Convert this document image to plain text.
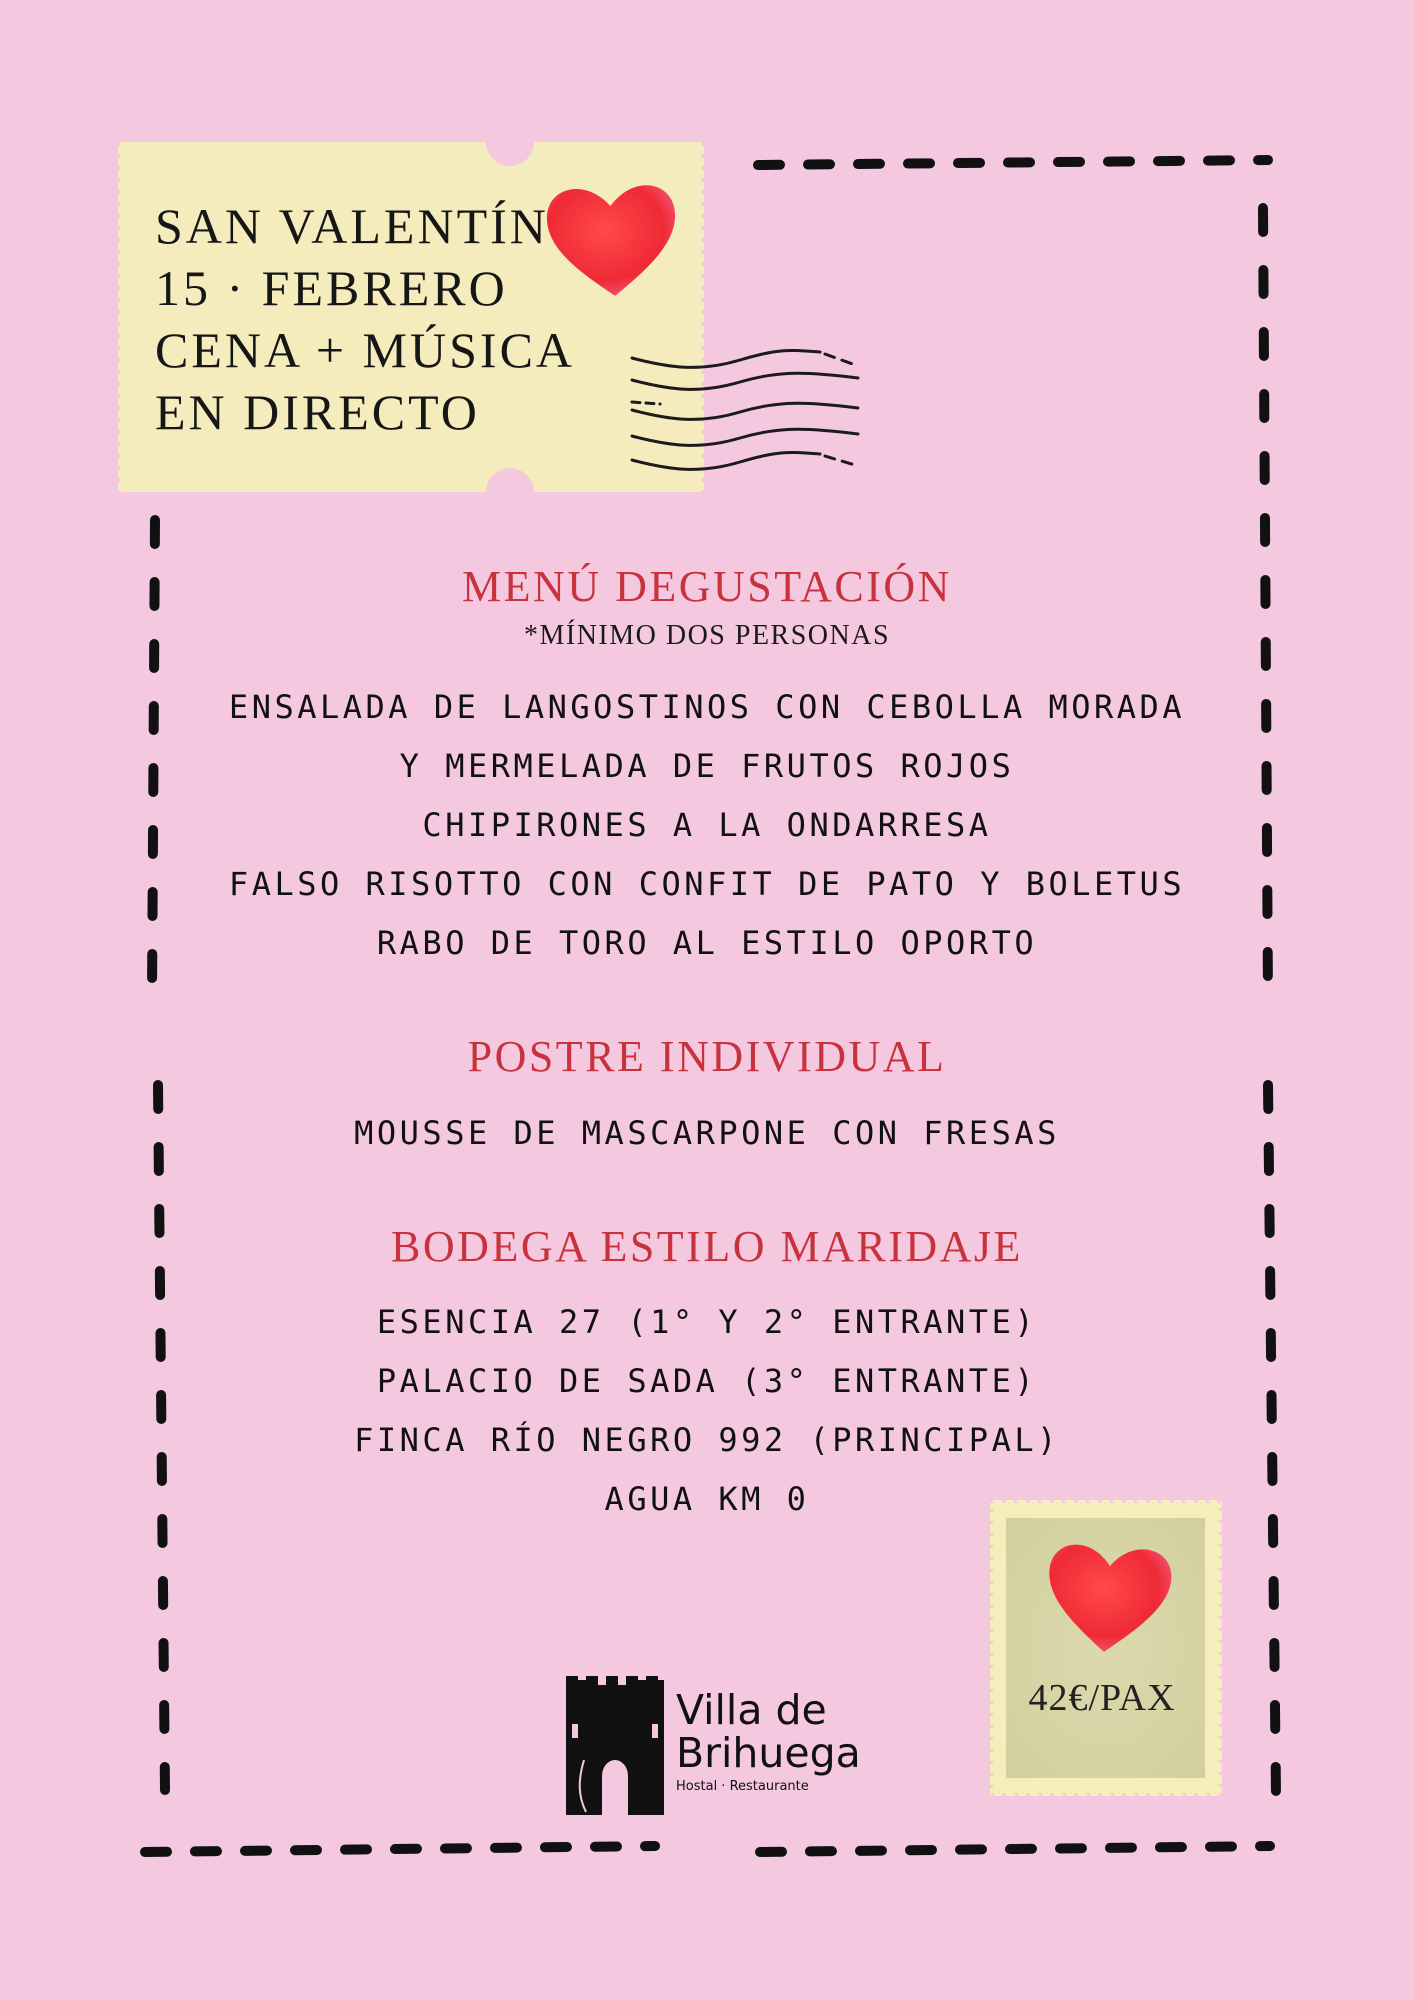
SAN VALENTÍN
15 · FEBRERO
CENA + MÚSICA
EN DIRECTO
MENÚ DEGUSTACIÓN
*MÍNIMO DOS PERSONAS
ENSALADA DE LANGOSTINOS CON CEBOLLA MORADA
Y MERMELADA DE FRUTOS ROJOS
CHIPIRONES A LA ONDARRESA
FALSO RISOTTO CON CONFIT DE PATO Y BOLETUS
RABO DE TORO AL ESTILO OPORTO
POSTRE INDIVIDUAL
MOUSSE DE MASCARPONE CON FRESAS
BODEGA ESTILO MARIDAJE
ESENCIA 27 (1° Y 2° ENTRANTE)
PALACIO DE SADA (3° ENTRANTE)
FINCA RÍO NEGRO 992 (PRINCIPAL)
AGUA KM 0
Villa de
Brihuega
Hostal · Restaurante
42€/PAX
